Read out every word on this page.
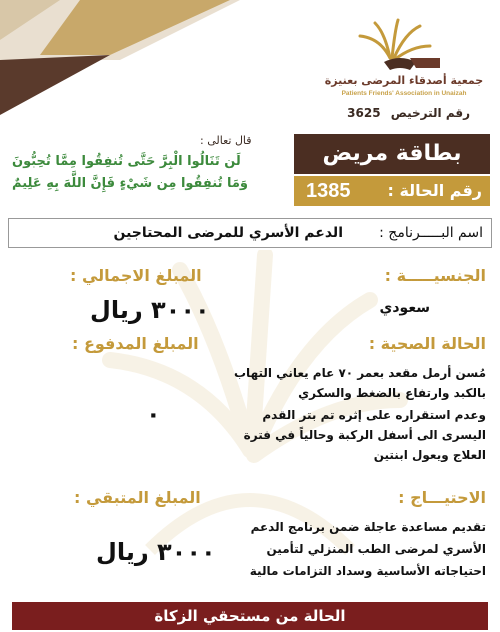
جمعية أصدقاء المرضى بعنيزة
Patients Friends' Association in Unaizah
رقم الترخيص 3625
قال تعالى :
لَن تَنَالُوا الْبِرَّ حَتَّى تُنفِقُوا مِمَّا تُحِبُّونَ
وَمَا تُنفِقُوا مِن شَيْءٍ فَإِنَّ اللَّهَ بِهِ عَلِيمٌ
بطاقة مريض
رقم الحالة :
1385
اسم البـــــرنامج :
الدعم الأسري للمرضى المحتاجين
الجنسيـــــة :
سعودي
الحالة الصحية :
مُسن أرمل مقعد بعمر ٧٠ عام يعاني التهاب
بالكبد وارتفاع بالضغط والسكري
وعدم استقراره على إثره تم بتر القدم
اليسرى الى أسفل الركبة وحالياً في فترة
العلاج ويعول ابنتين
الاحتيـــاج :
تقديم مساعدة عاجلة ضمن برنامج الدعم
الأسري لمرضى الطب المنزلي لتأمين
احتياجاته الأساسية وسداد التزامات مالية
المبلغ الاجمالي :
٣٠٠٠ ريال
المبلغ المدفوع :
٠
المبلغ المتبقي :
٣٠٠٠ ريال
الحالة من مستحقي الزكاة
